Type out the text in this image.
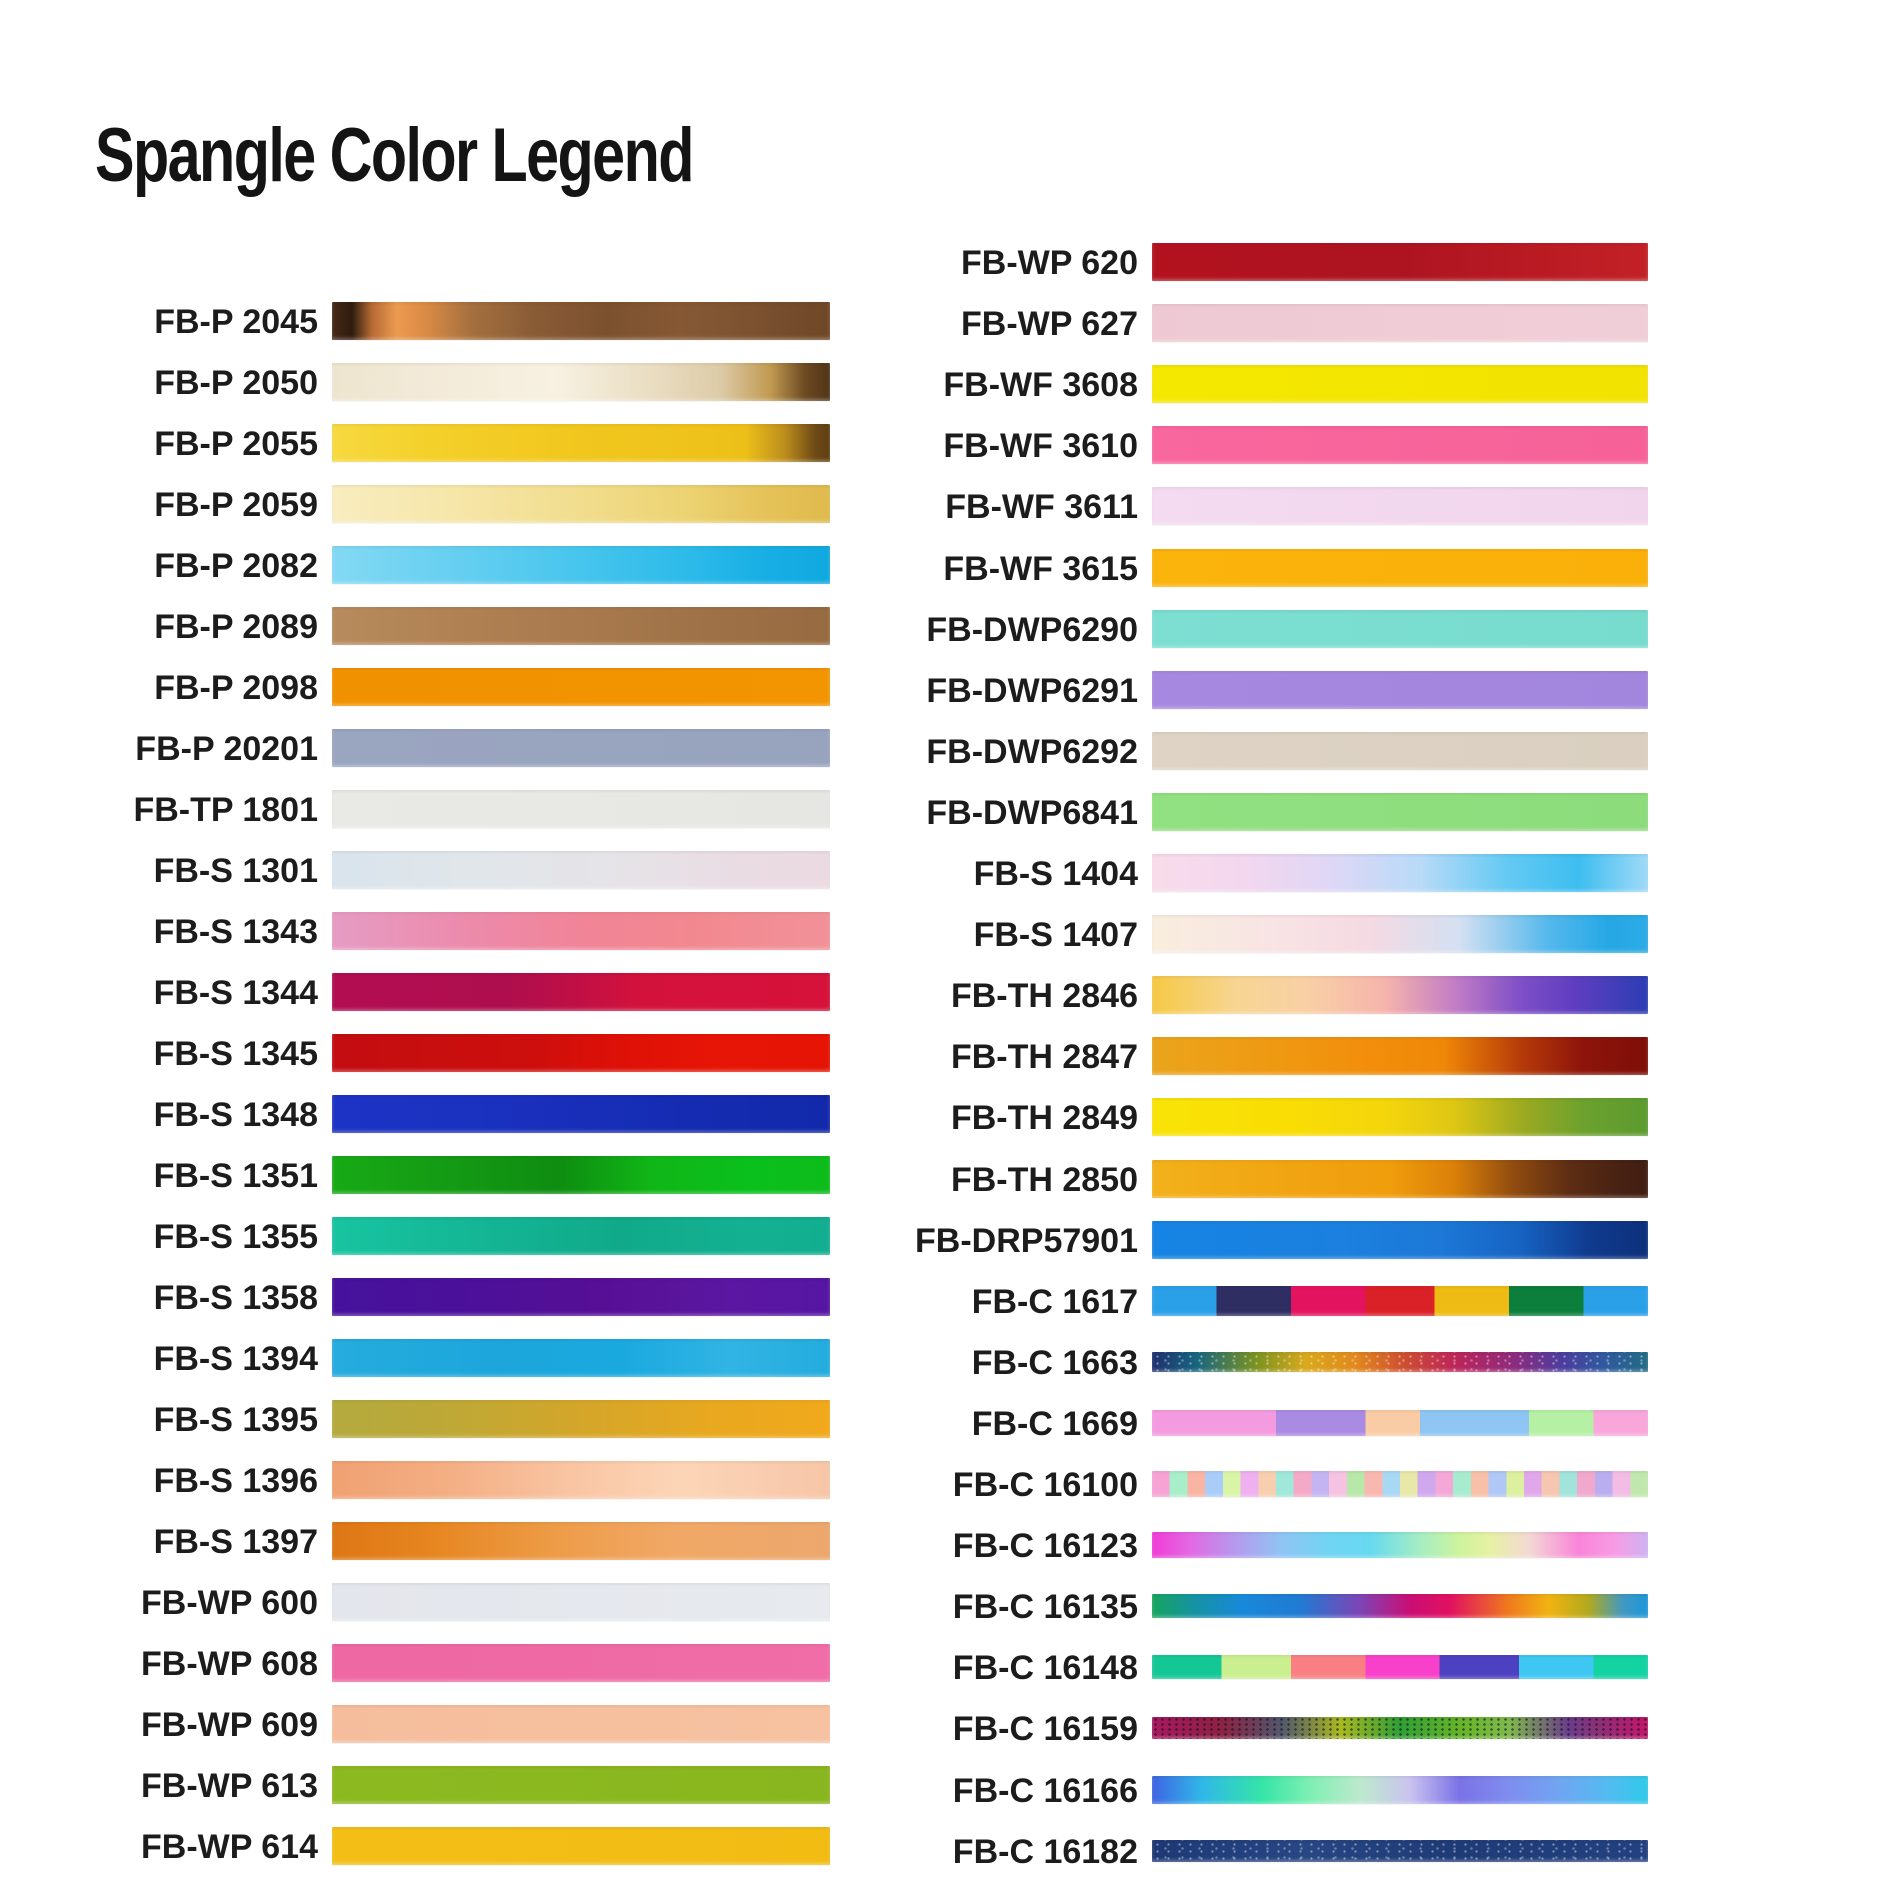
Spangle Color Legend
FB-P 2045
FB-P 2050
FB-P 2055
FB-P 2059
FB-P 2082
FB-P 2089
FB-P 2098
FB-P 20201
FB-TP 1801
FB-S 1301
FB-S 1343
FB-S 1344
FB-S 1345
FB-S 1348
FB-S 1351
FB-S 1355
FB-S 1358
FB-S 1394
FB-S 1395
FB-S 1396
FB-S 1397
FB-WP 600
FB-WP 608
FB-WP 609
FB-WP 613
FB-WP 614
FB-WP 620
FB-WP 627
FB-WF 3608
FB-WF 3610
FB-WF 3611
FB-WF 3615
FB-DWP6290
FB-DWP6291
FB-DWP6292
FB-DWP6841
FB-S 1404
FB-S 1407
FB-TH 2846
FB-TH 2847
FB-TH 2849
FB-TH 2850
FB-DRP57901
FB-C 1617
FB-C 1663
FB-C 1669
FB-C 16100
FB-C 16123
FB-C 16135
FB-C 16148
FB-C 16159
FB-C 16166
FB-C 16182
